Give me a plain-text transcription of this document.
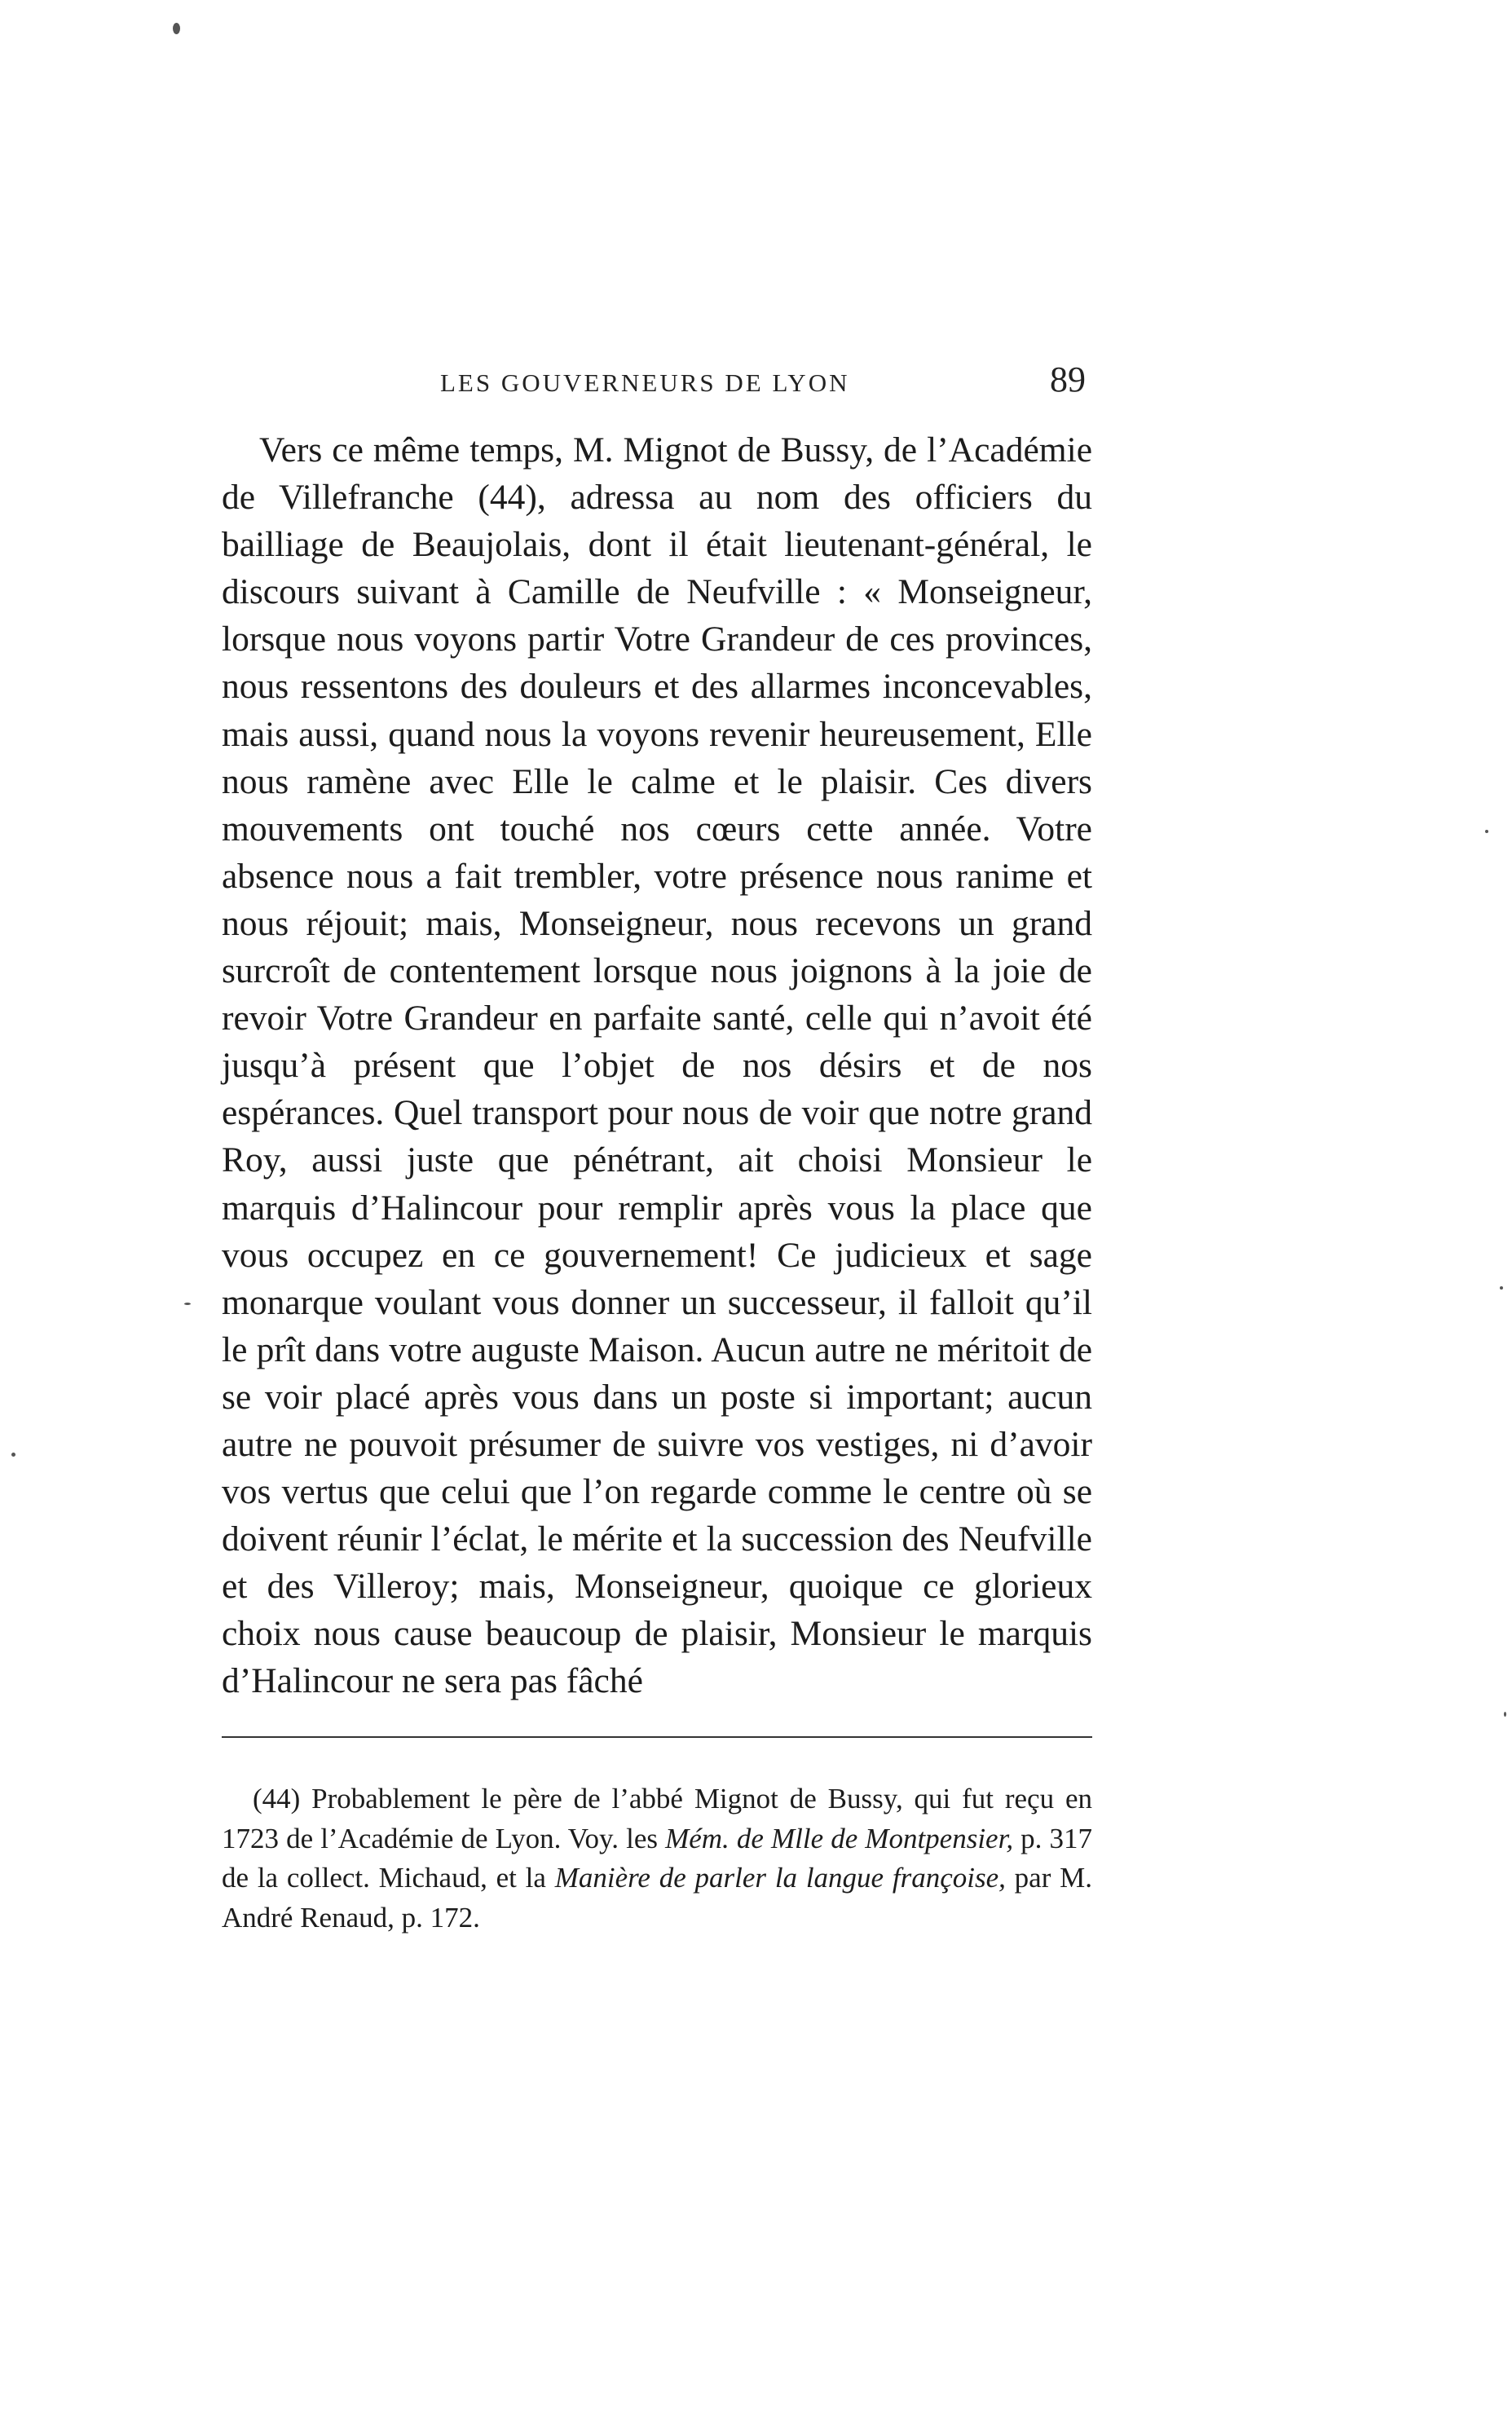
LES GOUVERNEURS DE LYON	89

Vers ce même temps, M. Mignot de Bussy, de l’Académie de Villefranche (44), adressa au nom des officiers du bailliage de Beaujolais, dont il était lieutenant-général, le discours suivant à Camille de Neufville : « Monseigneur, lorsque nous voyons partir Votre Grandeur de ces provinces, nous ressentons des douleurs et des allarmes inconcevables, mais aussi, quand nous la voyons revenir heureusement, Elle nous ramène avec Elle le calme et le plaisir. Ces divers mouvements ont touché nos cœurs cette année. Votre absence nous a fait trembler, votre présence nous ranime et nous réjouit; mais, Monseigneur, nous recevons un grand surcroît de contentement lorsque nous joignons à la joie de revoir Votre Grandeur en parfaite santé, celle qui n’avoit été jusqu’à présent que l’objet de nos désirs et de nos espérances. Quel transport pour nous de voir que notre grand Roy, aussi juste que pénétrant, ait choisi Monsieur le marquis d’Halincour pour remplir après vous la place que vous occupez en ce gouvernement! Ce judicieux et sage monarque voulant vous donner un successeur, il falloit qu’il le prît dans votre auguste Maison. Aucun autre ne méritoit de se voir placé après vous dans un poste si important; aucun autre ne pouvoit présumer de suivre vos vestiges, ni d’avoir vos vertus que celui que l’on regarde comme le centre où se doivent réunir l’éclat, le mérite et la succession des Neufville et des Villeroy; mais, Monseigneur, quoique ce glorieux choix nous cause beaucoup de plaisir, Monsieur le marquis d’Halincour ne sera pas fâché

(44) Probablement le père de l’abbé Mignot de Bussy, qui fut reçu en 1723 de l’Académie de Lyon. Voy. les Mém. de Mlle de Montpensier, p. 317 de la collect. Michaud, et la Manière de parler la langue françoise, par M. André Renaud, p. 172.
